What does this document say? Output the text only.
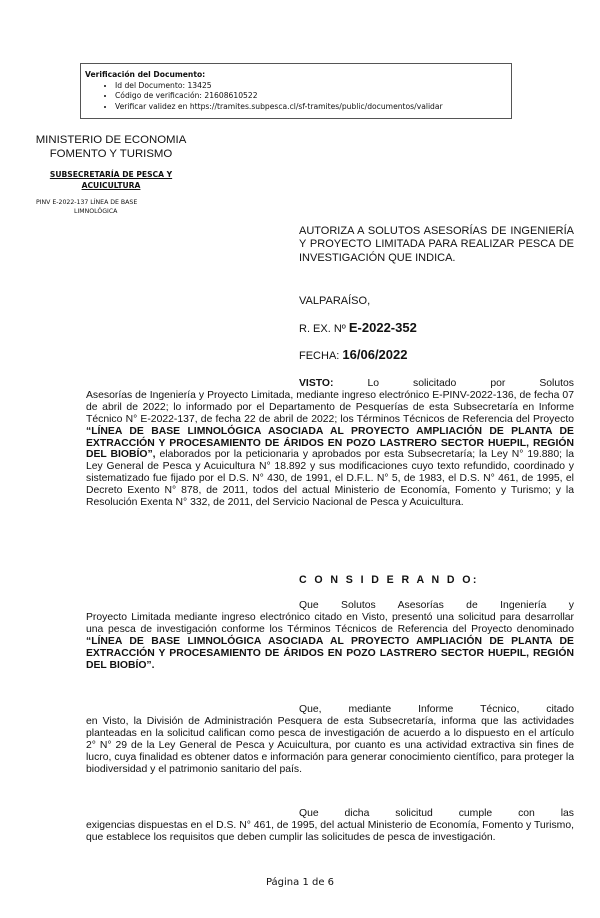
Verificación del Documento:
• Id del Documento: 13425
• Código de verificación: 21608610522
• Verificar validez en https://tramites.subpesca.cl/sf-tramites/public/documentos/validar
MINISTERIO DE ECONOMIA
FOMENTO Y TURISMO
SUBSECRETARÍA DE PESCA Y
ACUICULTURA
PINV E-2022-137 LÍNEA DE BASE
LIMNOLÓGICA
AUTORIZA A SOLUTOS ASESORÍAS DE INGENIERÍA Y PROYECTO LIMITADA PARA REALIZAR PESCA DE INVESTIGACIÓN QUE INDICA.
VALPARAÍSO,
R. EX. Nº E-2022-352
FECHA: 16/06/2022

VISTO:	Lo solicitado por Solutos

Asesorías de Ingeniería y Proyecto Limitada, mediante ingreso electrónico E-PINV-2022-136, de fecha 07 de abril de 2022; lo informado por el Departamento de Pesquerías de esta Subsecretaría en Informe Técnico N° E-2022-137, de fecha 22 de abril de 2022; los Términos Técnicos de Referencia del Proyecto “LÍNEA DE BASE LIMNOLÓGICA ASOCIADA AL PROYECTO AMPLIACIÓN DE PLANTA DE EXTRACCIÓN Y PROCESAMIENTO DE ÁRIDOS EN POZO LASTRERO SECTOR HUEPIL, REGIÓN DEL BIOBÍO”, elaborados por la peticionaria y aprobados por esta Subsecretaría; la Ley N° 19.880; la Ley General de Pesca y Acuicultura N° 18.892 y sus modificaciones cuyo texto refundido, coordinado y sistematizado fue fijado por el D.S. N° 430, de 1991, el D.F.L. N° 5, de 1983, el D.S. N° 461, de 1995, el Decreto Exento N° 878, de 2011, todos del actual Ministerio de Economía, Fomento y Turismo; y la Resolución Exenta N° 332, de 2011, del Servicio Nacional de Pesca y Acuicultura.

C O N S I D E R A N D O:

Que Solutos Asesorías de Ingeniería y

Proyecto Limitada mediante ingreso electrónico citado en Visto, presentó una solicitud para desarrollar una pesca de investigación conforme los Términos Técnicos de Referencia del Proyecto denominado “LÍNEA DE BASE LIMNOLÓGICA ASOCIADA AL PROYECTO AMPLIACIÓN DE PLANTA DE EXTRACCIÓN Y PROCESAMIENTO DE ÁRIDOS EN POZO LASTRERO SECTOR HUEPIL, REGIÓN DEL BIOBÍO”.

Que, mediante Informe Técnico, citado

en Visto, la División de Administración Pesquera de esta Subsecretaría, informa que las actividades planteadas en la solicitud califican como pesca de investigación de acuerdo a lo dispuesto en el artículo 2° N° 29 de la Ley General de Pesca y Acuicultura, por cuanto es una actividad extractiva sin fines de lucro, cuya finalidad es obtener datos e información para generar conocimiento científico, para proteger la biodiversidad y el patrimonio sanitario del país.

Que dicha solicitud cumple con las

exigencias dispuestas en el D.S. N° 461, de 1995, del actual Ministerio de Economía, Fomento y Turismo, que establece los requisitos que deben cumplir las solicitudes de pesca de investigación.

Página 1 de 6
